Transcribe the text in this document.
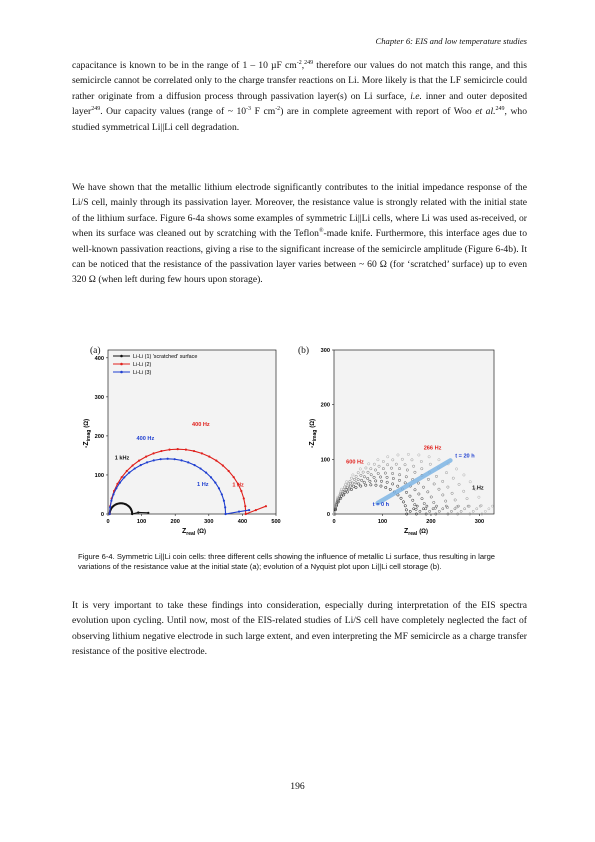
Chapter 6: EIS and low temperature studies

capacitance is known to be in the range of 1 – 10 µF $cm^{-2},^{249}$ therefore our values do not match this range, and this semicircle cannot be correlated only to the charge transfer reactions on Li. More likely is that the LF semicircle could rather originate from a diffusion process through passivation layer(s) on Li surface, i.e. inner and outer deposited layer$^{249}$. Our capacity values (range of ~ $10^{-3}$ F $cm^{-2}$) are in complete agreement with report of Woo et al.$^{249}$, who studied symmetrical Li||Li cell degradation.

We have shown that the metallic lithium electrode significantly contributes to the initial impedance response of the Li/S cell, mainly through its passivation layer. Moreover, the resistance value is strongly related with the initial state of the lithium surface. Figure 6-4a shows some examples of symmetric Li||Li cells, where Li was used as-received, or when its surface was cleaned out by scratching with the Teflon®-made knife. Furthermore, this interface ages due to well-known passivation reactions, giving a rise to the significant increase of the semicircle amplitude (Figure 6-4b). It can be noticed that the resistance of the passivation layer varies between ~ 60 Ω (for ‘scratched’ surface) up to even 320 Ω (when left during few hours upon storage).

0	100	200	300	400	500
0
100
200
300
400
$Z_{real}$ (Ω)
$-Z_{imag}(\Omega)$
Li-Li (1) 'scratched' surface
Li-Li (2)
Li-Li (3)
1 kHz
400 Hz
400 Hz
1 Hz	1 Hz
(a)
0	100	200	300
0
100
200
300
$Z_{real}$ (Ω)
$-Z_{imag}(\Omega)$
600 Hz
266 Hz
t = 20 h
1 Hz
t = 0 h
(b)

Figure 6-4. Symmetric Li||Li coin cells: three different cells showing the influence of metallic Li surface, thus resulting in large variations of the resistance value at the initial state (a); evolution of a Nyquist plot upon Li||Li cell storage (b).

It is very important to take these findings into consideration, especially during interpretation of the EIS spectra evolution upon cycling. Until now, most of the EIS-related studies of Li/S cell have completely neglected the fact of observing lithium negative electrode in such large extent, and even interpreting the MF semicircle as a charge transfer resistance of the positive electrode.

196
